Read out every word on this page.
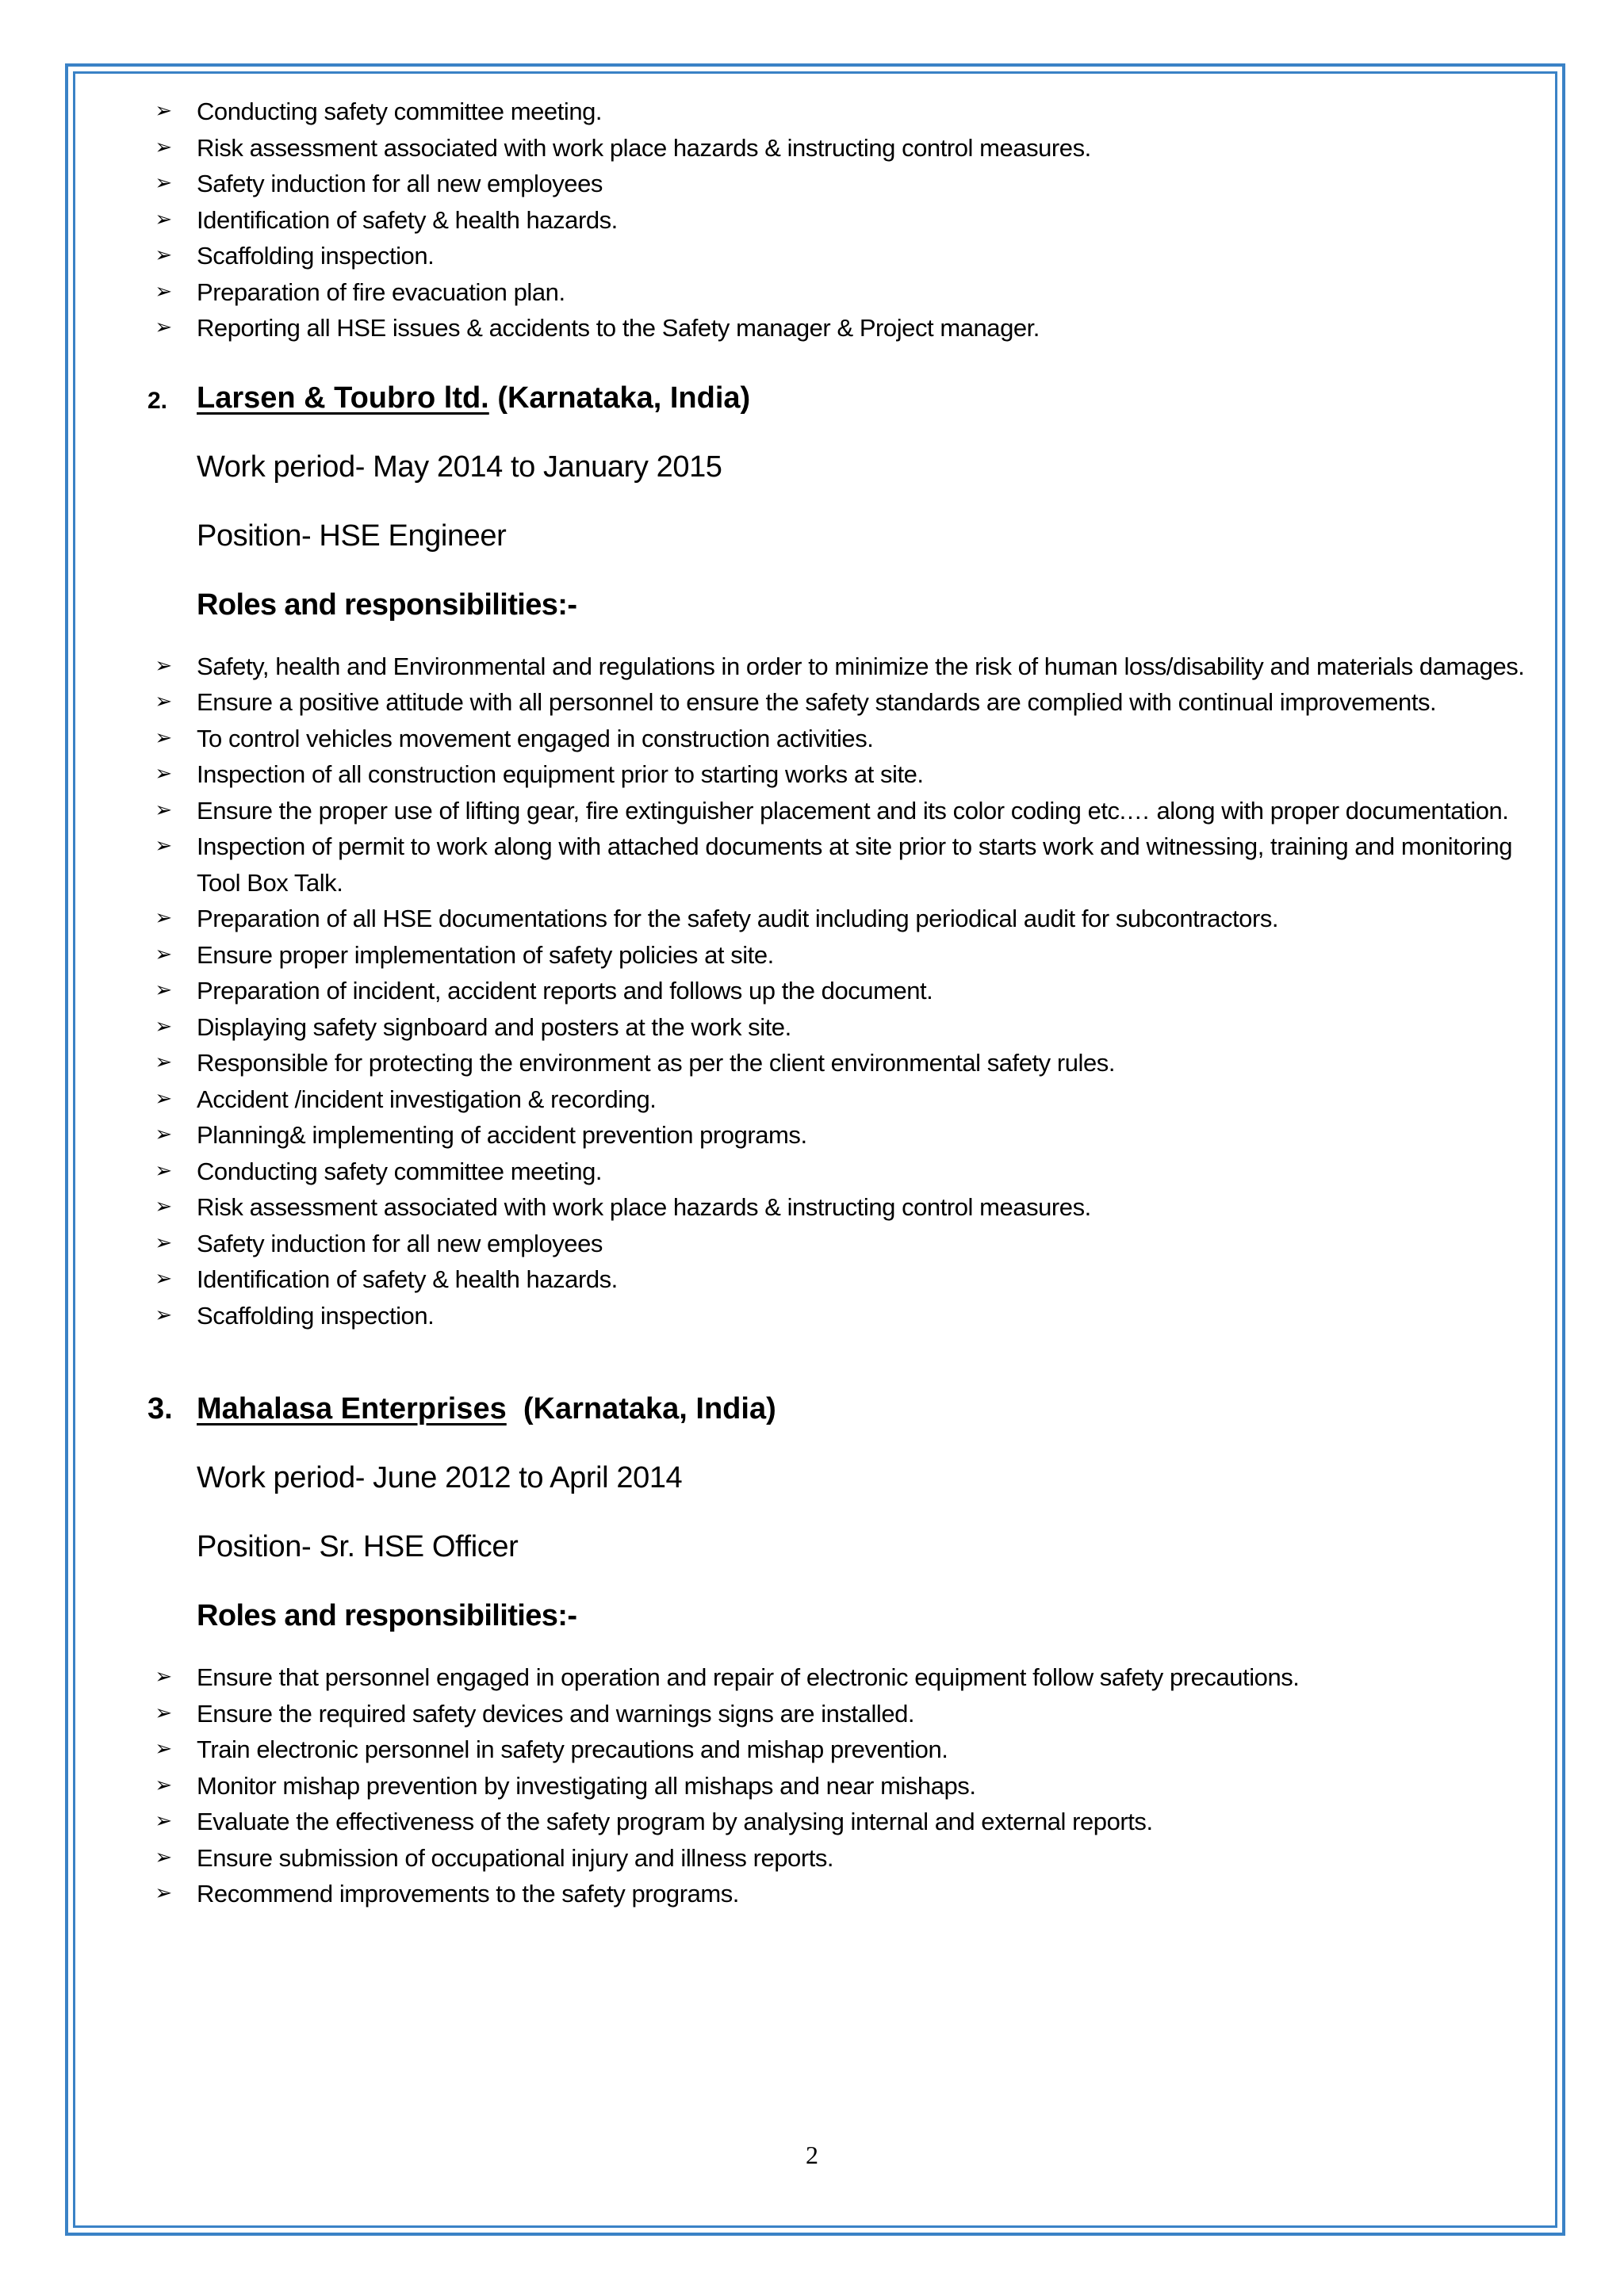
➢	Conducting safety committee meeting.
➢	Risk assessment associated with work place hazards & instructing control measures.
➢	Safety induction for all new employees
➢	Identification of safety & health hazards.
➢	Scaffolding inspection.
➢	Preparation of fire evacuation plan.
➢	Reporting all HSE issues & accidents to the Safety manager & Project manager.
2. Larsen & Toubro ltd. (Karnataka, India)
Work period- May 2014 to January 2015
Position- HSE Engineer
Roles and responsibilities:-
➢	Safety, health and Environmental and regulations in order to minimize the risk of human loss/disability and materials damages.
➢	Ensure a positive attitude with all personnel to ensure the safety standards are complied with continual improvements.
➢	To control vehicles movement engaged in construction activities.
➢	Inspection of all construction equipment prior to starting works at site.
➢	Ensure the proper use of lifting gear, fire extinguisher placement and its color coding etc.… along with proper documentation.
➢	Inspection of permit to work along with attached documents at site prior to starts work and witnessing, training and monitoring Tool Box Talk.
➢	Preparation of all HSE documentations for the safety audit including periodical audit for subcontractors.
➢	Ensure proper implementation of safety policies at site.
➢	Preparation of incident, accident reports and follows up the document.
➢	Displaying safety signboard and posters at the work site.
➢	Responsible for protecting the environment as per the client environmental safety rules.
➢	Accident /incident investigation & recording.
➢	Planning& implementing of accident prevention programs.
➢	Conducting safety committee meeting.
➢	Risk assessment associated with work place hazards & instructing control measures.
➢	Safety induction for all new employees
➢	Identification of safety & health hazards.
➢	Scaffolding inspection.
3. Mahalasa Enterprises (Karnataka, India)
Work period- June 2012 to April 2014
Position- Sr. HSE Officer
Roles and responsibilities:-
➢	Ensure that personnel engaged in operation and repair of electronic equipment follow safety precautions.
➢	Ensure the required safety devices and warnings signs are installed.
➢	Train electronic personnel in safety precautions and mishap prevention.
➢	Monitor mishap prevention by investigating all mishaps and near mishaps.
➢	Evaluate the effectiveness of the safety program by analysing internal and external reports.
➢	Ensure submission of occupational injury and illness reports.
➢	Recommend improvements to the safety programs.
2
